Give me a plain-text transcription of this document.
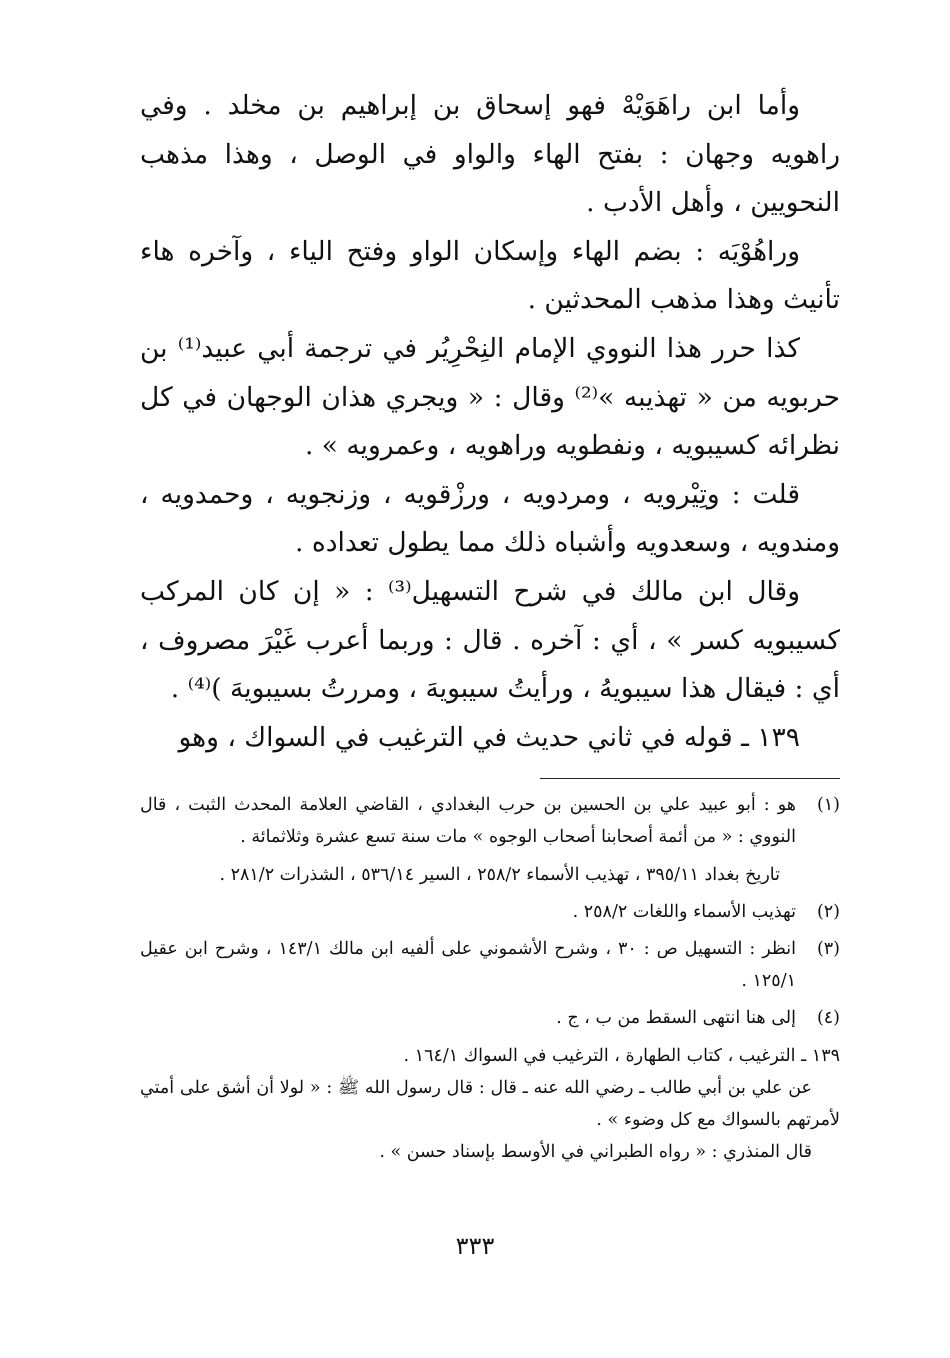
وأما ابن راهَوَيْهْ فهو إسحاق بن إبراهيم بن مخلد . وفي راهويه وجهان : بفتح الهاء والواو في الوصل ، وهذا مذهب النحويين ، وأهل الأدب .

وراهُوْيَه : بضم الهاء وإسكان الواو وفتح الياء ، وآخره هاء تأنيث وهذا مذهب المحدثين .

كذا حرر هذا النووي الإمام النِحْرِيُر في ترجمة أبي عبيد⁽¹⁾ بن حربويه من « تهذيبه »⁽²⁾ وقال : « ويجري هذان الوجهان في كل نظرائه كسيبويه ، ونفطويه وراهويه ، وعمرويه » .

قلت : وتِيْرويه ، ومردويه ، ورزْقويه ، وزنجويه ، وحمدويه ، ومندويه ، وسعدويه وأشباه ذلك مما يطول تعداده .

وقال ابن مالك في شرح التسهيل⁽³⁾ : « إن كان المركب كسيبويه كسر » ، أي : آخره . قال : وربما أعرب غَيْرَ مصروف ، أي : فيقال هذا سيبويهُ ، ورأيتُ سيبويهَ ، ومررتُ بسيبويهَ )⁽⁴⁾ .

١٣٩ ـ قوله في ثاني حديث في الترغيب في السواك ، وهو

(١)

هو : أبو عبيد علي بن الحسين بن حرب البغدادي ، القاضي العلامة المحدث الثبت ، قال النووي : « من أئمة أصحابنا أصحاب الوجوه » مات سنة تسع عشرة وثلاثمائة .

تاريخ بغداد ٣٩٥/١١ ، تهذيب الأسماء ٢٥٨/٢ ، السير ٥٣٦/١٤ ، الشذرات ٢٨١/٢ .

(٢)

تهذيب الأسماء واللغات ٢٥٨/٢ .

(٣)

انظر : التسهيل ص : ٣٠ ، وشرح الأشموني على ألفيه ابن مالك ١٤٣/١ ، وشرح ابن عقيل ١٢٥/١ .

(٤)

إلى هنا انتهى السقط من ب ، ج .

١٣٩ ـ الترغيب ، كتاب الطهارة ، الترغيب في السواك ١٦٤/١ .

عن علي بن أبي طالب ـ رضي الله عنه ـ قال : قال رسول الله ﷺ : « لولا أن أشق على أمتي لأمرتهم بالسواك مع كل وضوء » .

قال المنذري : « رواه الطبراني في الأوسط بإسناد حسن » .

٣٣٣
